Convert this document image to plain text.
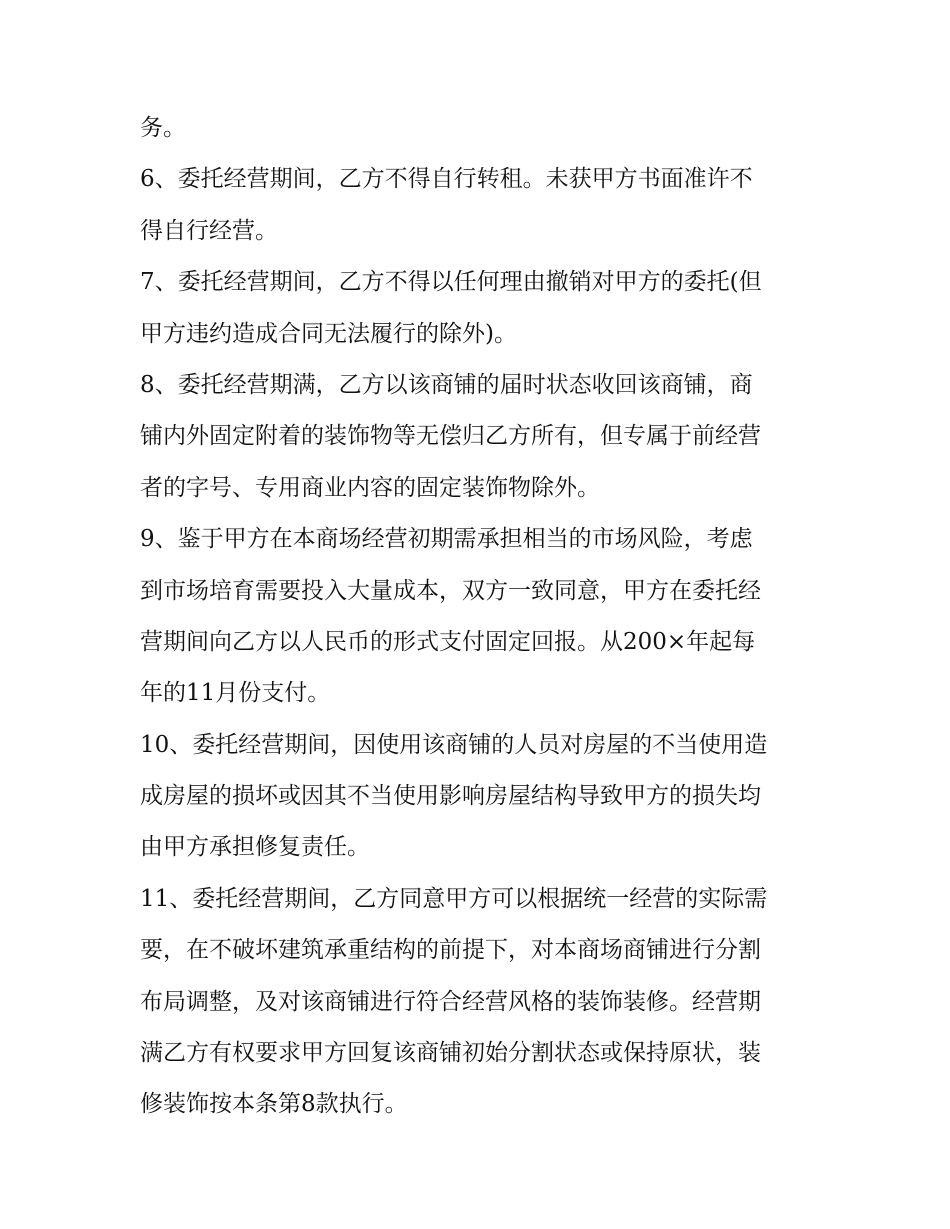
务。
6、委托经营期间，乙方不得自行转租。未获甲方书面准许不
得自行经营。
7、委托经营期间，乙方不得以任何理由撤销对甲方的委托(但
甲方违约造成合同无法履行的除外)。
8、委托经营期满，乙方以该商铺的届时状态收回该商铺，商
铺内外固定附着的装饰物等无偿归乙方所有，但专属于前经营
者的字号、专用商业内容的固定装饰物除外。
9、鉴于甲方在本商场经营初期需承担相当的市场风险，考虑
到市场培育需要投入大量成本，双方一致同意，甲方在委托经
营期间向乙方以人民币的形式支付固定回报。从200×年起每
年的11月份支付。
10、委托经营期间，因使用该商铺的人员对房屋的不当使用造
成房屋的损坏或因其不当使用影响房屋结构导致甲方的损失均
由甲方承担修复责任。
11、委托经营期间，乙方同意甲方可以根据统一经营的实际需
要，在不破坏建筑承重结构的前提下，对本商场商铺进行分割
布局调整，及对该商铺进行符合经营风格的装饰装修。经营期
满乙方有权要求甲方回复该商铺初始分割状态或保持原状，装
修装饰按本条第8款执行。
